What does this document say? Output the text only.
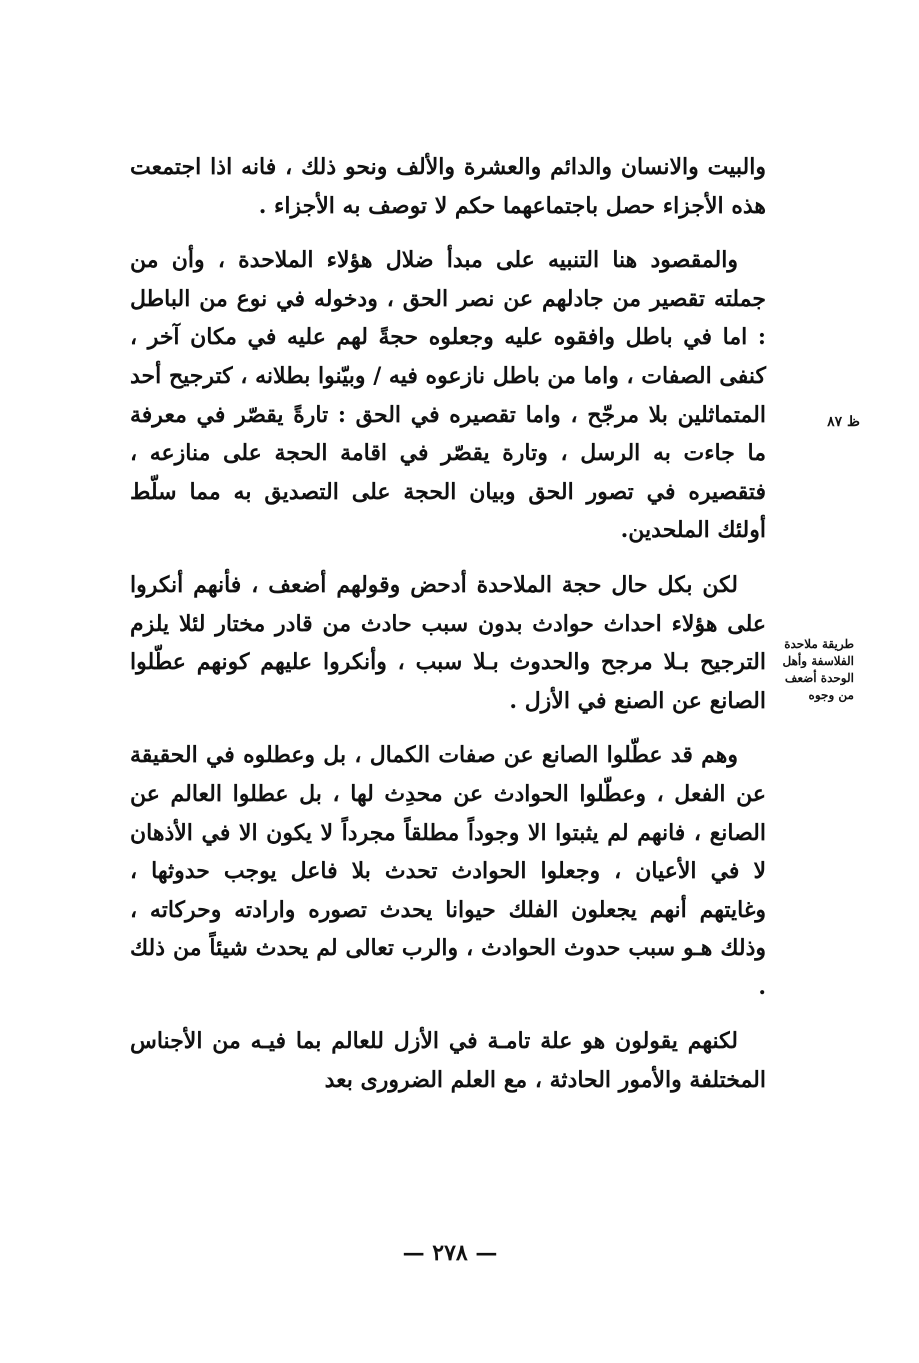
والبيت والانسان والدائم والعشرة والألف ونحو ذلك ، فانه اذا اجتمعت هذه الأجزاء حصل باجتماعهما حكم لا توصف به الأجزاء .

والمقصود هنا التنبيه على مبدأ ضلال هؤلاء الملاحدة ، وأن من جملته تقصير من جادلهم عن نصر الحق ، ودخوله في نوع من الباطل : اما في باطل وافقوه عليه وجعلوه حجةً لهم عليه في مكان آخر ، كنفى الصفات ، واما من باطل نازعوه فيه / وبيّنوا بطلانه ، كترجيح أحد المتماثلين بلا مرجّح ، واما تقصيره في الحق : تارةً يقصّر في معرفة ما جاءت به الرسل ، وتارة يقصّر في اقامة الحجة على منازعه ، فتقصيره في تصور الحق وبيان الحجة على التصديق به مما سلّط أولئك الملحدين.

لكن بكل حال حجة الملاحدة أدحض وقولهم أضعف ، فأنهم أنكروا على هؤلاء احداث حوادث بدون سبب حادث من قادر مختار لئلا يلزم الترجيح بـلا مرجح والحدوث بـلا سبب ، وأنكروا عليهم كونهم عطّلوا الصانع عن الصنع في الأزل .

وهم قد عطّلوا الصانع عن صفات الكمال ، بل وعطلوه في الحقيقة عن الفعل ، وعطّلوا الحوادث عن محدِث لها ، بل عطلوا العالم عن الصانع ، فانهم لم يثبتوا الا وجوداً مطلقاً مجرداً لا يكون الا في الأذهان لا في الأعيان ، وجعلوا الحوادث تحدث بلا فاعل يوجب حدوثها ، وغايتهم أنهم يجعلون الفلك حيوانا يحدث تصوره وارادته وحركاته ، وذلك هـو سبب حدوث الحوادث ، والرب تعالى لم يحدث شيئاً من ذلك .

لكنهم يقولون هو علة تامـة في الأزل للعالم بما فيـه من الأجناس المختلفة والأمور الحادثة ، مع العلم الضرورى بعد

ظ ٨٧
طريقة ملاحدة الفلاسفة وأهل الوحدة أضعف من وجوه
— ٢٧٨ —
